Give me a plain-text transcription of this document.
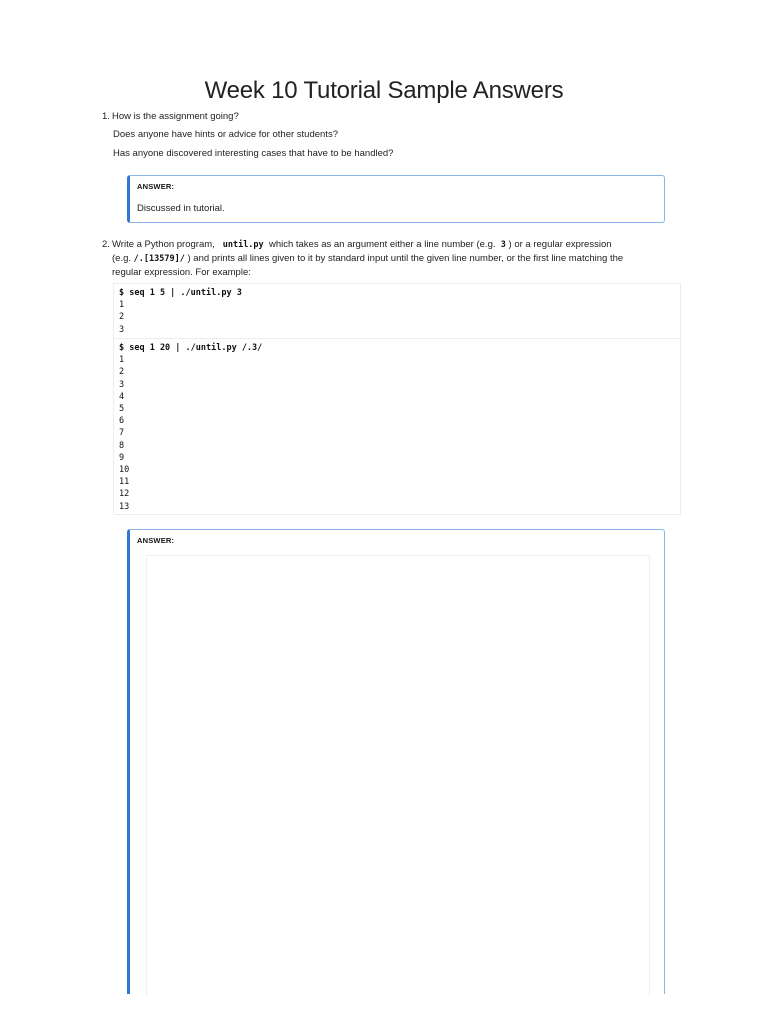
Week 10 Tutorial Sample Answers
1. How is the assignment going?
Does anyone have hints or advice for other students?
Has anyone discovered interesting cases that have to be handled?
ANSWER:
Discussed in tutorial.
2. Write a Python program, until.py which takes as an argument either a line number (e.g. 3 ) or a regular expression
(e.g. /.[13579]/ ) and prints all lines given to it by standard input until the given line number, or the first line matching the
regular expression. For example:
$ seq 1 5 | ./until.py 3
1
2
3
$ seq 1 20 | ./until.py /.3/
1
2
3
4
5
6
7
8
9
10
11
12
13
ANSWER:
